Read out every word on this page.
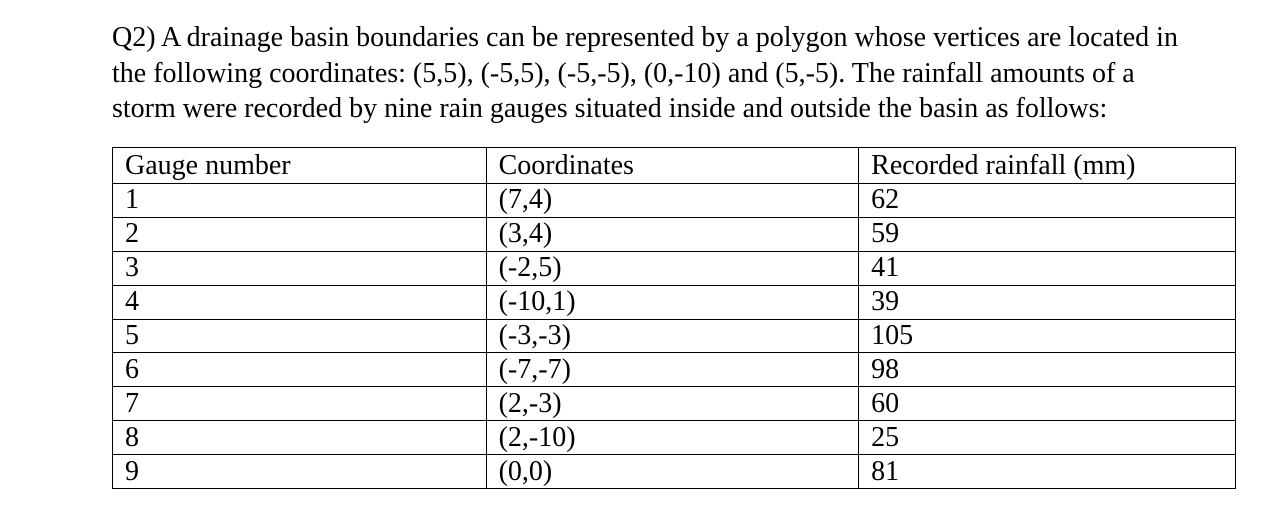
Q2) A drainage basin boundaries can be represented by a polygon whose vertices are located in

the following coordinates: (5,5), (-5,5), (-5,-5), (0,-10) and (5,-5). The rainfall amounts of a

storm were recorded by nine rain gauges situated inside and outside the basin as follows:

Gauge number	Coordinates	Recorded rainfall (mm)
1	(7,4)	62
2	(3,4)	59
3	(-2,5)	41
4	(-10,1)	39
5	(-3,-3)	105
6	(-7,-7)	98
7	(2,-3)	60
8	(2,-10)	25
9	(0,0)	81
